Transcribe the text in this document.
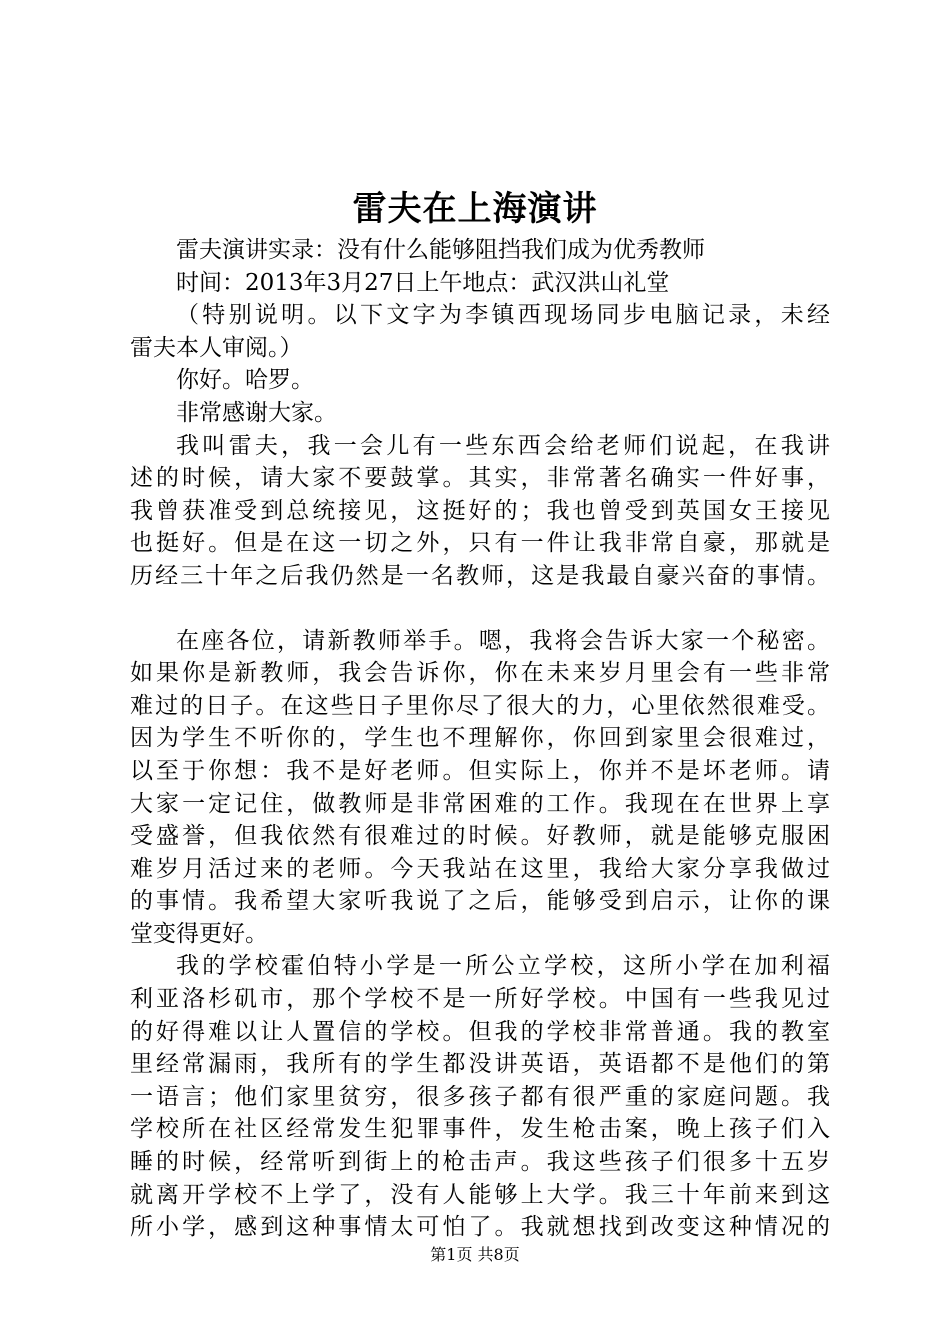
雷夫在上海演讲
雷夫演讲实录：没有什么能够阻挡我们成为优秀教师
时间：2013年3月27日上午地点：武汉洪山礼堂
（特别说明。以下文字为李镇西现场同步电脑记录，未经
雷夫本人审阅。）
你好。哈罗。
非常感谢大家。
我叫雷夫，我一会儿有一些东西会给老师们说起，在我讲
述的时候，请大家不要鼓掌。其实，非常著名确实一件好事，
我曾获准受到总统接见，这挺好的；我也曾受到英国女王接见
也挺好。但是在这一切之外，只有一件让我非常自豪，那就是
历经三十年之后我仍然是一名教师，这是我最自豪兴奋的事情。
在座各位，请新教师举手。嗯，我将会告诉大家一个秘密。
如果你是新教师，我会告诉你，你在未来岁月里会有一些非常
难过的日子。在这些日子里你尽了很大的力，心里依然很难受。
因为学生不听你的，学生也不理解你，你回到家里会很难过，
以至于你想：我不是好老师。但实际上，你并不是坏老师。请
大家一定记住，做教师是非常困难的工作。我现在在世界上享
受盛誉，但我依然有很难过的时候。好教师，就是能够克服困
难岁月活过来的老师。今天我站在这里，我给大家分享我做过
的事情。我希望大家听我说了之后，能够受到启示，让你的课
堂变得更好。
我的学校霍伯特小学是一所公立学校，这所小学在加利福
利亚洛杉矶市，那个学校不是一所好学校。中国有一些我见过
的好得难以让人置信的学校。但我的学校非常普通。我的教室
里经常漏雨，我所有的学生都没讲英语，英语都不是他们的第
一语言；他们家里贫穷，很多孩子都有很严重的家庭问题。我
学校所在社区经常发生犯罪事件，发生枪击案，晚上孩子们入
睡的时候，经常听到街上的枪击声。我这些孩子们很多十五岁
就离开学校不上学了，没有人能够上大学。我三十年前来到这
所小学，感到这种事情太可怕了。我就想找到改变这种情况的
第1页 共8页
